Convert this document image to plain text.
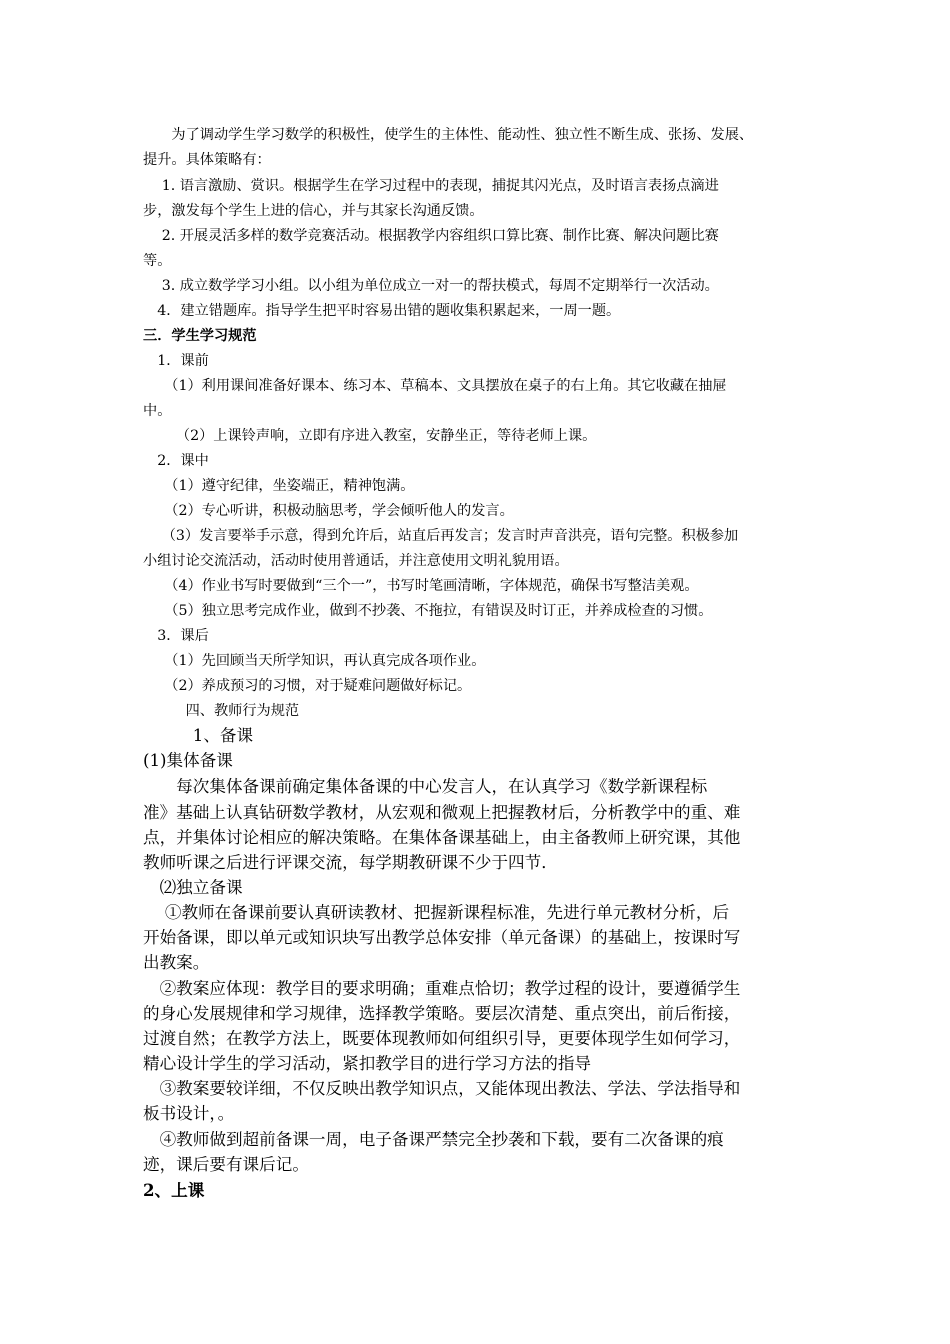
　　为了调动学生学习数学的积极性，使学生的主体性、能动性、独立性不断生成、张扬、发展、
提升。具体策略有：
　 1. 语言激励、赏识。根据学生在学习过程中的表现，捕捉其闪光点，及时语言表扬点滴进
步，激发每个学生上进的信心，并与其家长沟通反馈。
　 2. 开展灵活多样的数学竞赛活动。根据教学内容组织口算比赛、制作比赛、解决问题比赛
等。
　 3. 成立数学学习小组。以小组为单位成立一对一的帮扶模式，每周不定期举行一次活动。
　4．建立错题库。指导学生把平时容易出错的题收集积累起来，一周一题。
三．学生学习规范
　1．课前
　　（1）利用课间准备好课本、练习本、草稿本、文具摆放在桌子的右上角。其它收藏在抽屉
中。
　　 （2）上课铃声响，立即有序进入教室，安静坐正，等待老师上课。
　2．课中
　　（1）遵守纪律，坐姿端正，精神饱满。
　　（2）专心听讲，积极动脑思考，学会倾听他人的发言。
　 （3）发言要举手示意，得到允许后，站直后再发言；发言时声音洪亮，语句完整。积极参加
小组讨论交流活动，活动时使用普通话，并注意使用文明礼貌用语。
　　（4）作业书写时要做到“三个一”，书写时笔画清晰，字体规范，确保书写整洁美观。
　　（5）独立思考完成作业，做到不抄袭、不拖拉，有错误及时订正，并养成检查的习惯。
　3．课后
　　（1）先回顾当天所学知识，再认真完成各项作业。
　　（2）养成预习的习惯，对于疑难问题做好标记。
　　　四、教师行为规范
　　　1、备课
(1)集体备课
　　每次集体备课前确定集体备课的中心发言人，在认真学习《数学新课程标
准》基础上认真钻研数学教材，从宏观和微观上把握教材后，分析教学中的重、难
点，并集体讨论相应的解决策略。在集体备课基础上，由主备教师上研究课，其他
教师听课之后进行评课交流，每学期教研课不少于四节．
　⑵独立备课
　 ①教师在备课前要认真研读教材、把握新课程标准，先进行单元教材分析，后
开始备课，即以单元或知识块写出教学总体安排（单元备课）的基础上，按课时写
出教案。
　②教案应体现：教学目的要求明确；重难点恰切；教学过程的设计，要遵循学生
的身心发展规律和学习规律，选择教学策略。要层次清楚、重点突出，前后衔接，
过渡自然；在教学方法上，既要体现教师如何组织引导，更要体现学生如何学习，
精心设计学生的学习活动，紧扣教学目的进行学习方法的指导
　③教案要较详细，不仅反映出教学知识点，又能体现出教法、学法、学法指导和
板书设计，。
　④教师做到超前备课一周，电子备课严禁完全抄袭和下载，要有二次备课的痕
迹，课后要有课后记。
2、上课
